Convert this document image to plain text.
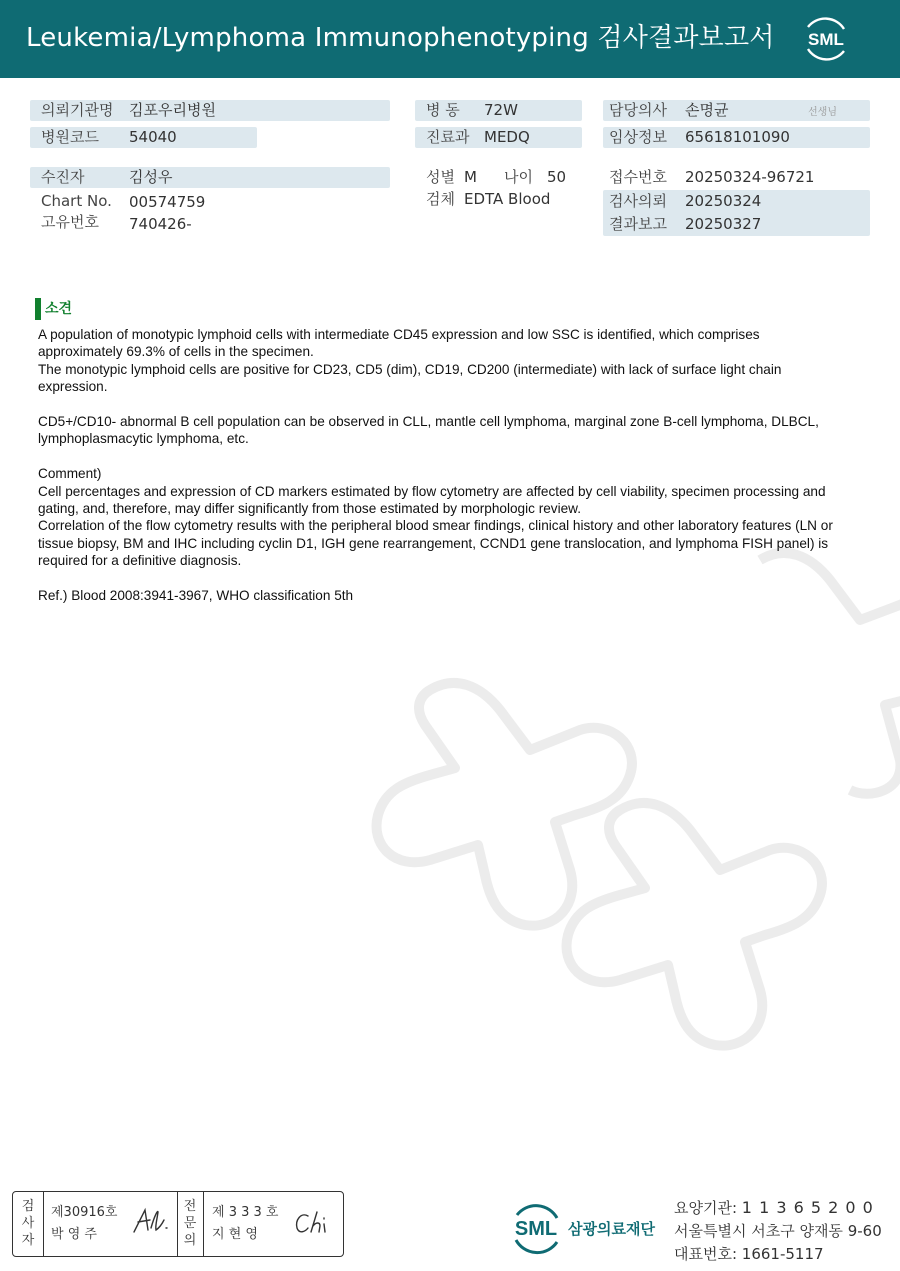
Leukemia/Lymphoma Immunophenotyping 검사결과보고서 SML
의뢰기관명 김포우리병원
병원코드 54040
수진자	김성우
Chart No. 00574759
고유번호 740426-
병 동 72W
진료과 MEDQ
성별 M 나이 50
검체 EDTA Blood
담당의사 손명균	선생님
임상정보 65618101090
접수번호 20250324-96721
검사의뢰 20250324
결과보고 20250327
소견

A population of monotypic lymphoid cells with intermediate CD45 expression and low SSC is identified, which comprises approximately 69.3% of cells in the specimen.

The monotypic lymphoid cells are positive for CD23, CD5 (dim), CD19, CD200 (intermediate) with lack of surface light chain expression.

CD5+/CD10- abnormal B cell population can be observed in CLL, mantle cell lymphoma, marginal zone B-cell lymphoma, DLBCL, lymphoplasmacytic lymphoma, etc.

Comment)

Cell percentages and expression of CD markers estimated by flow cytometry are affected by cell viability, specimen processing and gating, and, therefore, may differ significantly from those estimated by morphologic review.

Correlation of the flow cytometry results with the peripheral blood smear findings, clinical history and other laboratory features (LN or tissue biopsy, BM and IHC including cyclin D1, IGH gene rearrangement, CCND1 gene translocation, and lymphoma FISH panel) is required for a definitive diagnosis.

Ref.) Blood 2008:3941-3967, WHO classification 5th

검사자
제30916호
박 영 주
전문의
제 3 3 3 호
지 현 영	SML 삼광의료재단
요양기관: 1 1 3 6 5 2 0 0
서울특별시 서초구 양재동 9-60
대표번호: 1661-5117
